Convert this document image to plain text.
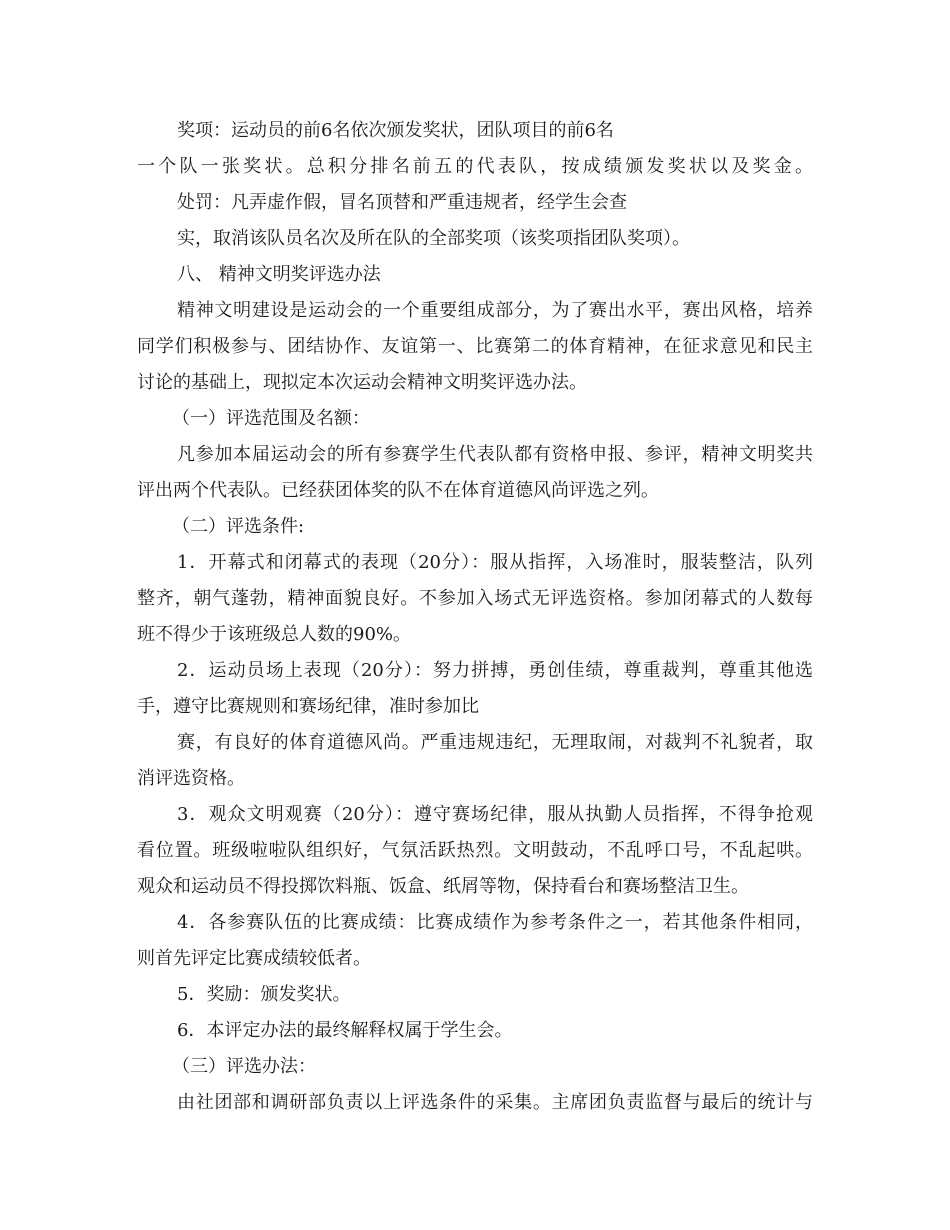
奖项：运动员的前6名依次颁发奖状，团队项目的前6名
一个队一张奖状。总积分排名前五的代表队，按成绩颁发奖状以及奖金。
处罚：凡弄虚作假，冒名顶替和严重违规者，经学生会查
实，取消该队员名次及所在队的全部奖项（该奖项指团队奖项）。
八、 精神文明奖评选办法
精神文明建设是运动会的一个重要组成部分，为了赛出水平，赛出风格，培养
同学们积极参与、团结协作、友谊第一、比赛第二的体育精神，在征求意见和民主
讨论的基础上，现拟定本次运动会精神文明奖评选办法。
（一）评选范围及名额：
凡参加本届运动会的所有参赛学生代表队都有资格申报、参评，精神文明奖共
评出两个代表队。已经获团体奖的队不在体育道德风尚评选之列。
（二）评选条件:
1．开幕式和闭幕式的表现（20分）：服从指挥，入场准时，服装整洁，队列
整齐，朝气蓬勃，精神面貌良好。不参加入场式无评选资格。参加闭幕式的人数每
班不得少于该班级总人数的90%。
2．运动员场上表现（20分）：努力拼搏，勇创佳绩，尊重裁判，尊重其他选
手，遵守比赛规则和赛场纪律，准时参加比
赛，有良好的体育道德风尚。严重违规违纪，无理取闹，对裁判不礼貌者，取
消评选资格。
3．观众文明观赛（20分）：遵守赛场纪律，服从执勤人员指挥，不得争抢观
看位置。班级啦啦队组织好，气氛活跃热烈。文明鼓动，不乱呼口号，不乱起哄。
观众和运动员不得投掷饮料瓶、饭盒、纸屑等物，保持看台和赛场整洁卫生。
4．各参赛队伍的比赛成绩：比赛成绩作为参考条件之一，若其他条件相同，
则首先评定比赛成绩较低者。
5．奖励：颁发奖状。
6．本评定办法的最终解释权属于学生会。
（三）评选办法：
由社团部和调研部负责以上评选条件的采集。主席团负责监督与最后的统计与
